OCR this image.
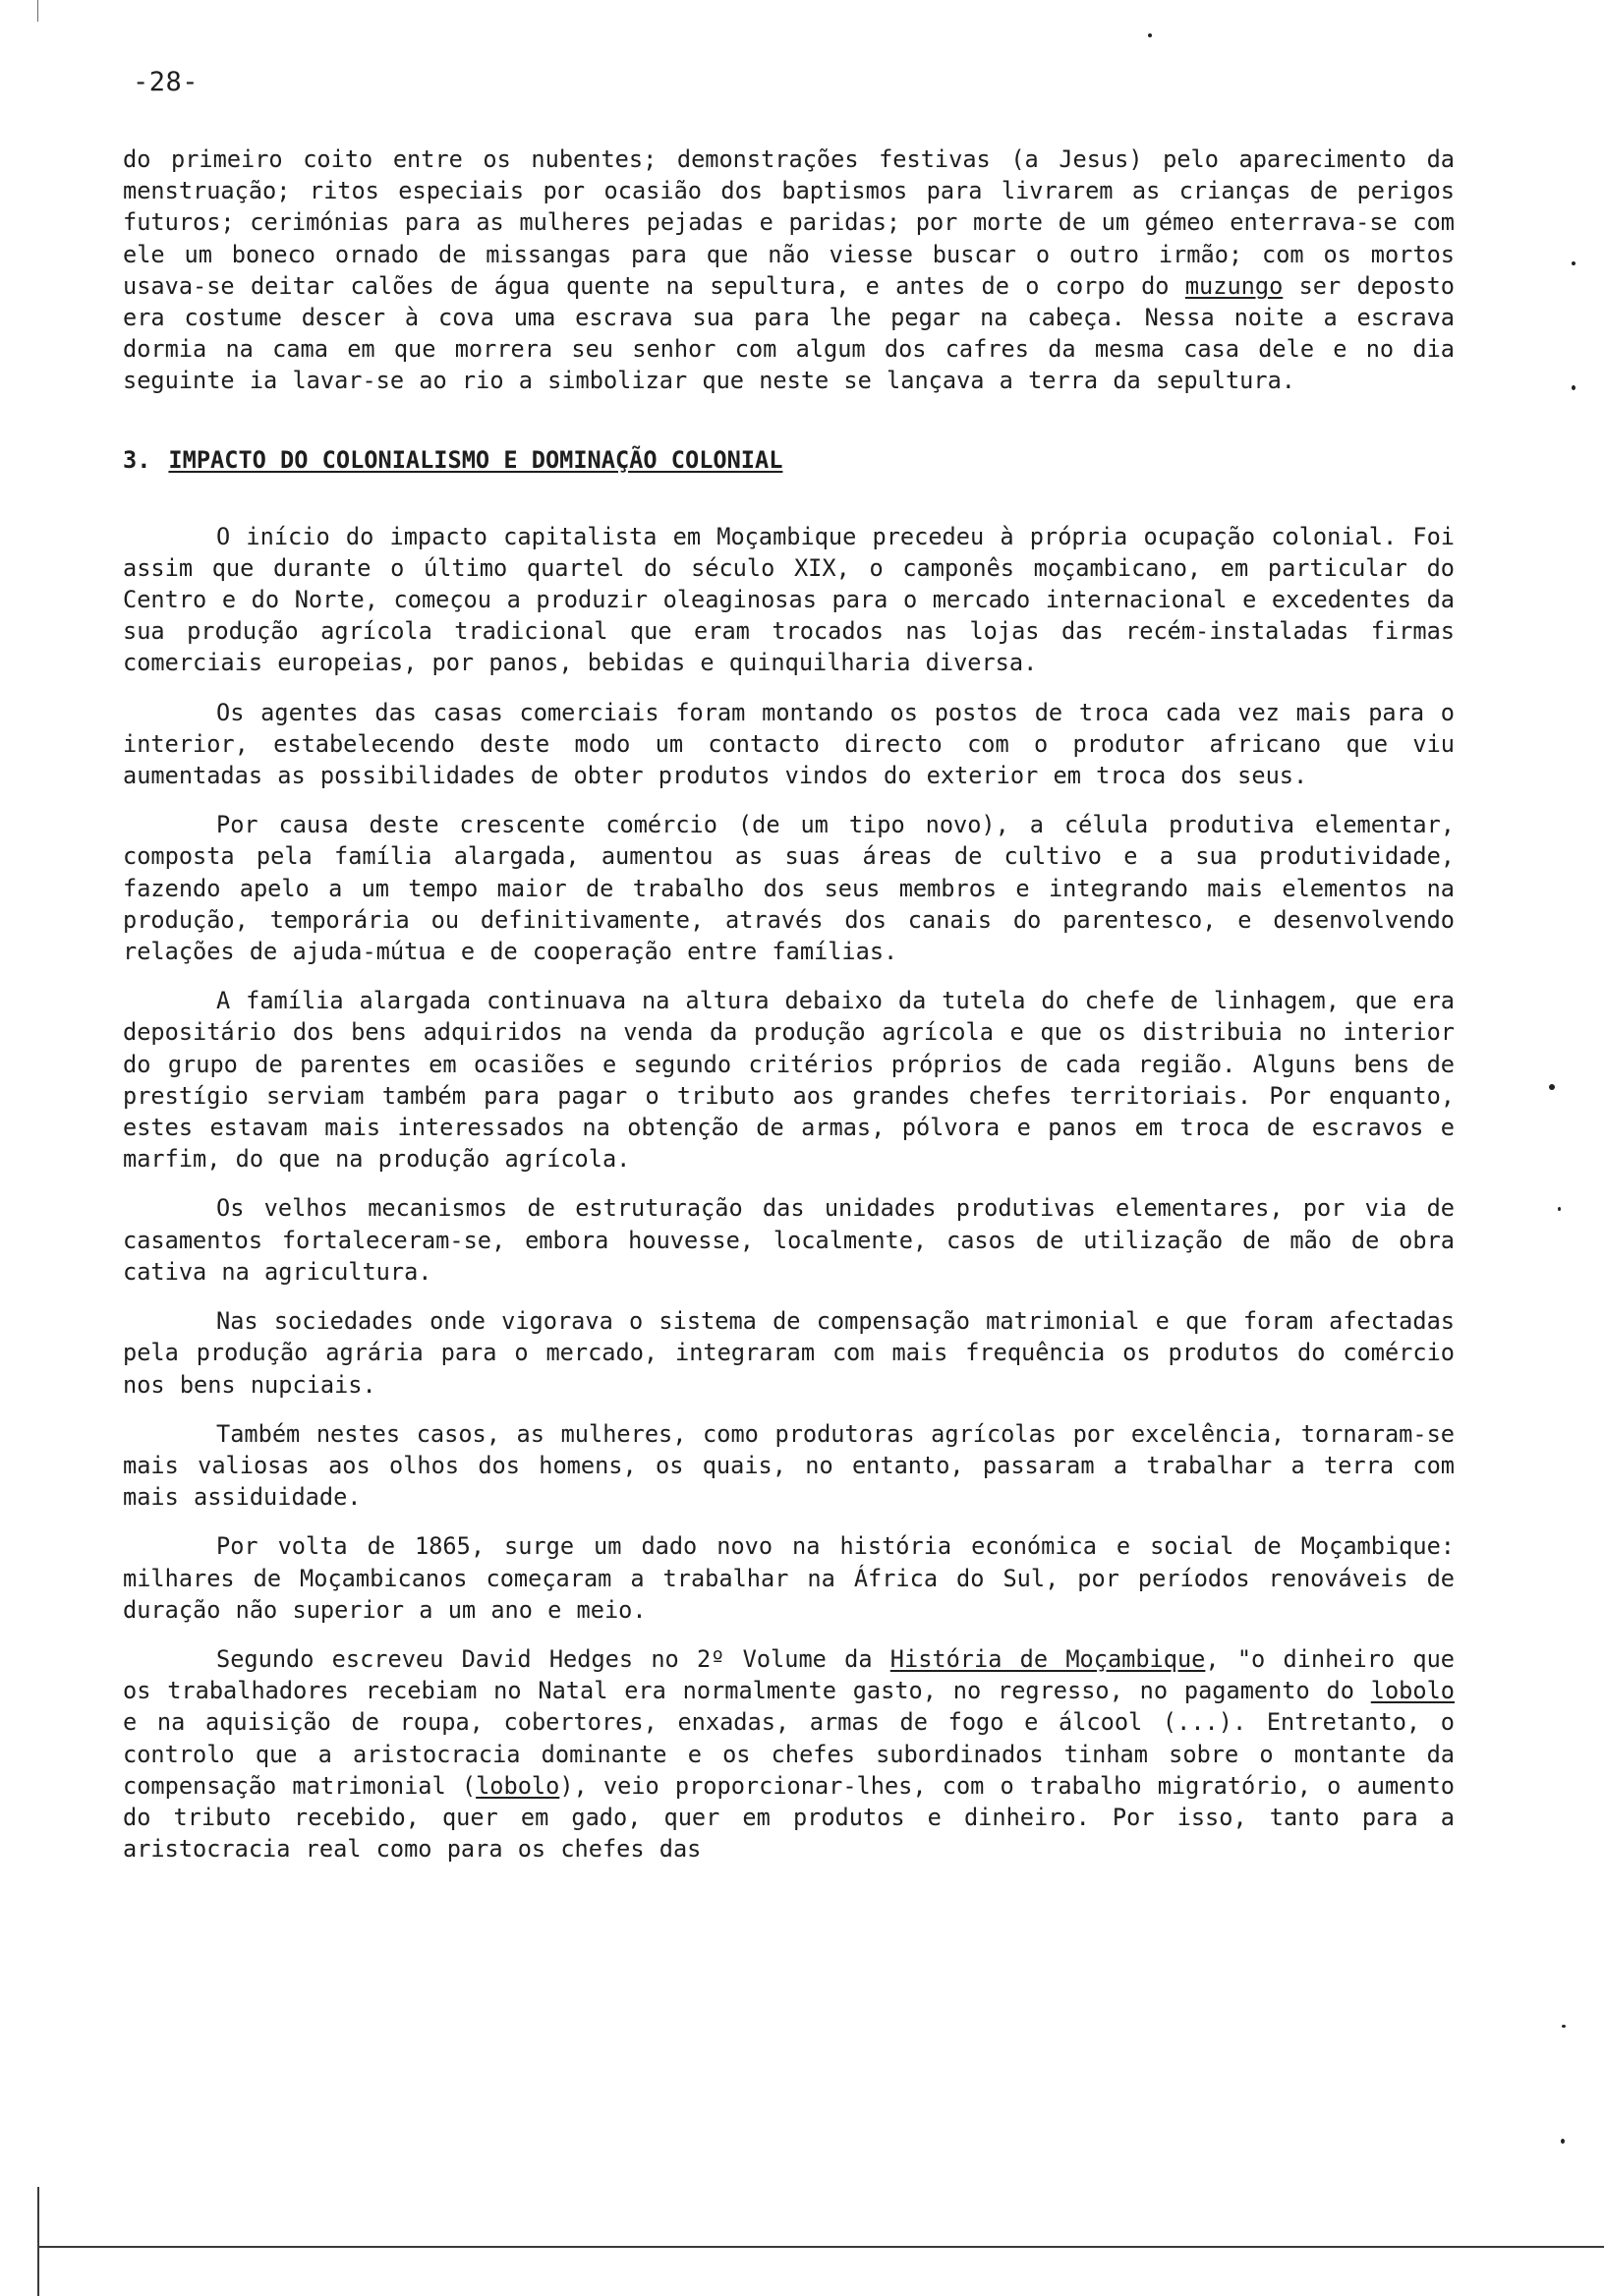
-28-

do primeiro coito entre os nubentes; demonstrações festivas (a Jesus) pelo aparecimento da menstruação; ritos especiais por ocasião dos baptismos para livrarem as crianças de perigos futuros; cerimónias para as mulheres pejadas e paridas; por morte de um gémeo enterrava-se com ele um boneco ornado de missangas para que não viesse buscar o outro irmão; com os mortos usava-se deitar calões de água quente na sepultura, e antes de o corpo do muzungo ser deposto era costume descer à cova uma escrava sua para lhe pegar na cabeça. Nessa noite a escrava dormia na cama em que morrera seu senhor com algum dos cafres da mesma casa dele e no dia seguinte ia lavar-se ao rio a simbolizar que neste se lançava a terra da sepultura.

3. IMPACTO DO COLONIALISMO E DOMINAÇÃO COLONIAL

O início do impacto capitalista em Moçambique precedeu à própria ocupação colonial. Foi assim que durante o último quartel do século XIX, o camponês moçambicano, em particular do Centro e do Norte, começou a produzir oleaginosas para o mercado internacional e excedentes da sua produção agrícola tradicional que eram trocados nas lojas das recém-instaladas firmas comerciais europeias, por panos, bebidas e quinquilharia diversa.

Os agentes das casas comerciais foram montando os postos de troca cada vez mais para o interior, estabelecendo deste modo um contacto directo com o produtor africano que viu aumentadas as possibilidades de obter produtos vindos do exterior em troca dos seus.

Por causa deste crescente comércio (de um tipo novo), a célula produtiva elementar, composta pela família alargada, aumentou as suas áreas de cultivo e a sua produtividade, fazendo apelo a um tempo maior de trabalho dos seus membros e integrando mais elementos na produção, temporária ou definitivamente, através dos canais do parentesco, e desenvolvendo relações de ajuda-mútua e de cooperação entre famílias.

A família alargada continuava na altura debaixo da tutela do chefe de linhagem, que era depositário dos bens adquiridos na venda da produção agrícola e que os distribuia no interior do grupo de parentes em ocasiões e segundo critérios próprios de cada região. Alguns bens de prestígio serviam também para pagar o tributo aos grandes chefes territoriais. Por enquanto, estes estavam mais interessados na obtenção de armas, pólvora e panos em troca de escravos e marfim, do que na produção agrícola.

Os velhos mecanismos de estruturação das unidades produtivas elementares, por via de casamentos fortaleceram-se, embora houvesse, localmente, casos de utilização de mão de obra cativa na agricultura.

Nas sociedades onde vigorava o sistema de compensação matrimonial e que foram afectadas pela produção agrária para o mercado, integraram com mais frequência os produtos do comércio nos bens nupciais.

Também nestes casos, as mulheres, como produtoras agrícolas por excelência, tornaram-se mais valiosas aos olhos dos homens, os quais, no entanto, passaram a trabalhar a terra com mais assiduidade.

Por volta de 1865, surge um dado novo na história económica e social de Moçambique: milhares de Moçambicanos começaram a trabalhar na África do Sul, por períodos renováveis de duração não superior a um ano e meio.

Segundo escreveu David Hedges no 2º Volume da História de Moçambique, "o dinheiro que os trabalhadores recebiam no Natal era normalmente gasto, no regresso, no pagamento do lobolo e na aquisição de roupa, cobertores, enxadas, armas de fogo e álcool (...). Entretanto, o controlo que a aristocracia dominante e os chefes subordinados tinham sobre o montante da compensação matrimonial (lobolo), veio proporcionar-lhes, com o trabalho migratório, o aumento do tributo recebido, quer em gado, quer em produtos e dinheiro. Por isso, tanto para a aristocracia real como para os chefes das
